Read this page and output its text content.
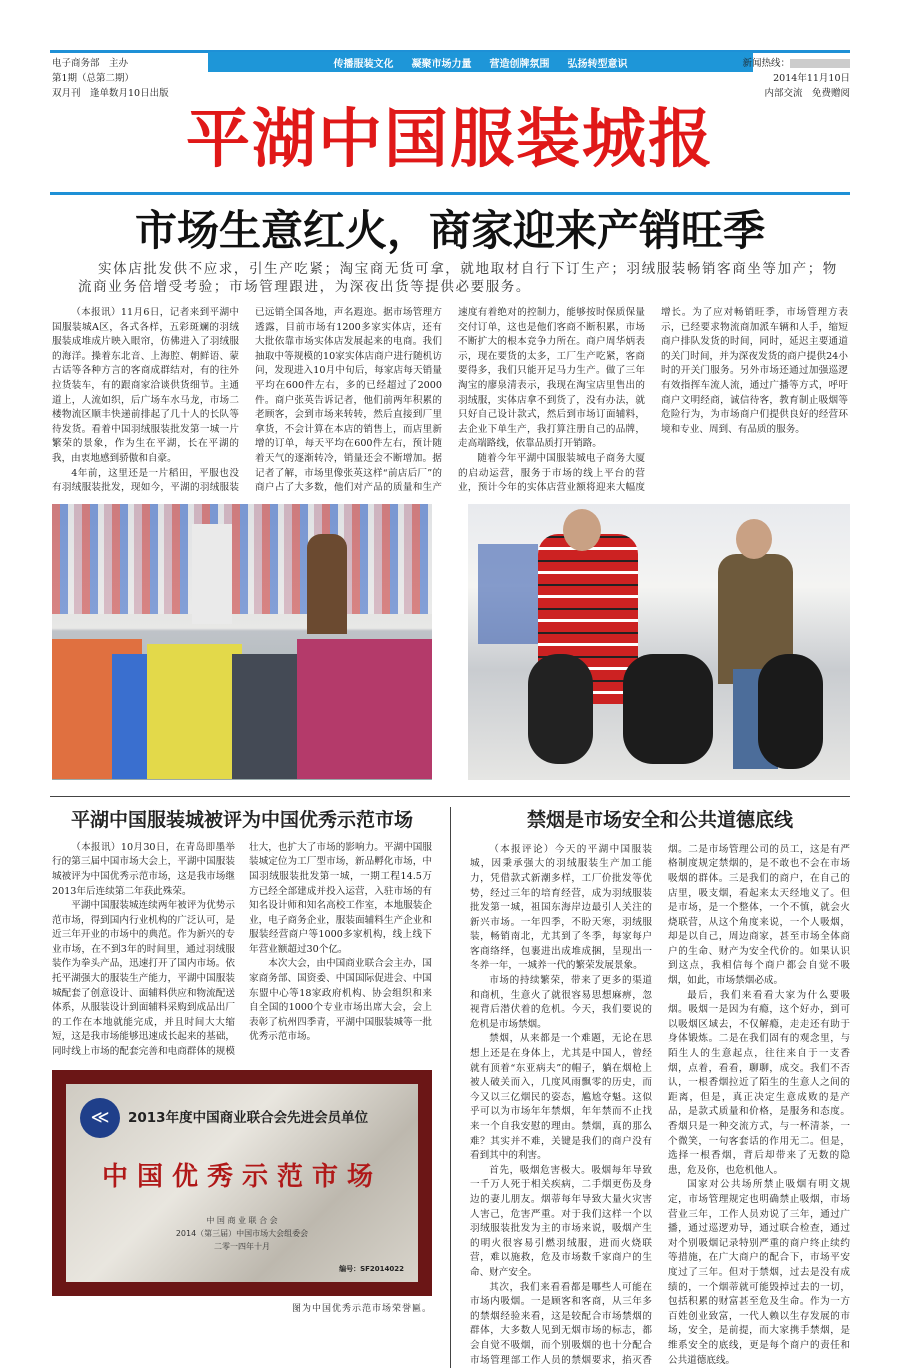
传播服装文化 凝聚市场力量 营造创牌氛围 弘扬转型意识
电子商务部　主办
第1期（总第二期）
双月刊　逢单数月10日出版
新闻热线：
2014年11月10日
内部交流　免费赠阅
平湖中国服装城报
市场生意红火，商家迎来产销旺季
实体店批发供不应求，引生产吃紧；淘宝商无货可拿，就地取材自行下订生产；羽绒服装畅销客商坐等加产；物流商业务倍增受考验；市场管理跟进，为深夜出货等提供必要服务。

（本报讯）11月6日，记者来到平湖中国服装城A区，各式各样，五彩斑斓的羽绒服装成堆成片映入眼帘，仿佛进入了羽绒服的海洋。操着东北音、上海腔、朝鲜语、蒙古话等各种方言的客商成群结对，有的往外拉货装车，有的跟商家洽谈供货细节。主通道上，人流如织，后广场车水马龙，市场二楼物流区顺丰快递前排起了几十人的长队等待发货。看着中国羽绒服装批发第一城一片繁荣的景象，作为生在平湖，长在平湖的我，由衷地感到骄傲和自豪。

4年前，这里还是一片稻田，平服也没有羽绒服装批发，现如今，平湖的羽绒服装已远销全国各地，声名遐迩。据市场管理方透露，目前市场有1200多家实体店，还有大批依靠市场实体店发展起来的电商。我们抽取中等规模的10家实体店商户进行随机访问，发现进入10月中旬后，每家店每天销量平均在600件左右，多的已经超过了2000件。商户张英告诉记者，他们前两年积累的老顾客，会到市场来转转，然后直接到厂里拿货，不会计算在本店的销售上，而店里新增的订单，每天平均在600件左右，预计随着天气的逐渐转冷，销量还会不断增加。据记者了解，市场里像张英这样“前店后厂”的商户占了大多数，他们对产品的质量和生产速度有着绝对的控制力，能够按时保质保量交付订单，这也是他们客商不断积累，市场不断扩大的根本竞争力所在。商户周华炳表示，现在要货的太多，工厂生产吃紧，客商要得多，我们只能开足马力生产。做了三年淘宝的廖泉清表示，我现在淘宝店里售出的羽绒服，实体店拿不到货了，没有办法，就只好自己设计款式，然后到市场订面辅料，去企业下单生产，我打算注册自己的品牌，走高端路线，依靠品质打开销路。

随着今年平湖中国服装城电子商务大厦的启动运营，服务于市场的线上平台的营业，预计今年的实体店营业额将迎来大幅度增长。为了应对畅销旺季，市场管理方表示，已经要求物流商加派车辆和人手，缩短商户排队发货的时间，同时，延迟主要通道的关门时间，并为深夜发货的商户提供24小时的开关门服务。另外市场还通过加强巡逻有效指挥车流人流，通过广播等方式，呼吁商户文明经商，诚信待客，教育制止吸烟等危险行为，为市场商户们提供良好的经营环境和专业、周到、有品质的服务。

平湖中国服装城被评为中国优秀示范市场

（本报讯）10月30日，在青岛即墨举行的第三届中国市场大会上，平湖中国服装城被评为中国优秀示范市场，这是我市场继2013年后连续第二年获此殊荣。

平湖中国服装城连续两年被评为优势示范市场，得到国内行业机构的广泛认可，是近三年开业的市场中的典范。作为新兴的专业市场，在不到3年的时间里，通过羽绒服装作为拳头产品，迅速打开了国内市场。依托平湖强大的服装生产能力，平湖中国服装城配套了创意设计、面辅料供应和物流配送体系，从服装设计到面辅料采购到成品出厂的工作在本地就能完成，并且时间大大缩短，这是我市场能够迅速成长起来的基础，同时线上市场的配套完善和电商群体的规模壮大，也扩大了市场的影响力。平湖中国服装城定位为工厂型市场，新品孵化市场，中国羽绒服装批发第一城，一期工程14.5万方已经全部建成并投入运营，入驻市场的有知名设计师和知名高校工作室，本地服装企业，电子商务企业，服装面辅料生产企业和服装经营商户等1000多家机构，线上线下年营业额超过30个亿。

本次大会，由中国商业联合会主办，国家商务部、国资委、中国国际促进会、中国东盟中心等18家政府机构、协会组织和来自全国的1000个专业市场出席大会，会上表彰了杭州四季青，平湖中国服装城等一批优秀示范市场。

≪	2013年度中国商业联合会先进会员单位
中国优秀示范市场
中 国 商 业 联 合 会
2014（第三届）中国市场大会组委会
二零一四年十月
编号：SF2014022
图为中国优秀示范市场荣誉匾。
禁烟是市场安全和公共道德底线

（本报评论）今天的平湖中国服装城，因秉承强大的羽绒服装生产加工能力，凭借款式新潮多样，工厂价批发等优势，经过三年的培育经营，成为羽绒服装批发第一城，祖国东海岸边最引人关注的新兴市场。一年四季，不盼天寒，羽绒服装，畅销南北，尤其到了冬季，每家每户客商络绎，包裹进出成堆成捆，呈现出一冬养一年，一城养一代的繁荣发展景象。

市场的持续繁荣，带来了更多的渠道和商机，生意火了就很容易思想麻痹，忽视背后潜伏着的危机。今天，我们要说的危机是市场禁烟。

禁烟，从来都是一个难题，无论在思想上还是在身体上，尤其是中国人，曾经就有顶着“东亚病夫”的帽子，躺在烟枪上被人破关而入，几度风雨飘零的历史，而今又以三亿烟民的姿态，尴尬夺魁。这似乎可以为市场年年禁烟，年年禁而不止找来一个自我安慰的理由。禁烟，真的那么难？其实并不难，关键是我们的商户没有看到其中的利害。

首先，吸烟危害极大。吸烟每年导致一千万人死于相关疾病，二手烟更伤及身边的妻儿朋友。烟蒂每年导致大量火灾害人害己，危害严重。对于我们这样一个以羽绒服装批发为主的市场来说，吸烟产生的明火很容易引燃羽绒服，进而火烧联营，难以施救，危及市场数千家商户的生命、财产安全。

其次，我们来看看都是哪些人可能在市场内吸烟。一是顾客和客商，从三年多的禁烟经验来看，这是较配合市场禁烟的群体，大多数人见到无烟市场的标志，都会自觉不吸烟，而个别吸烟的也十分配合市场管理部工作人员的禁烟要求，掐灭香烟。二是市场管理公司的员工，这是有严格制度规定禁烟的，是不敢也不会在市场吸烟的群体。三是我们的商户，在自己的店里，吸支烟，看起来太天经地义了。但是市场，是一个整体，一个不慎，就会火烧联营，从这个角度来说，一个人吸烟，却是以自己，周边商家，甚至市场全体商户的生命、财产为安全代价的。如果认识到这点，我相信每个商户都会自觉不吸烟，如此，市场禁烟必成。

最后，我们来看看大家为什么要吸烟。吸烟一是因为有瘾，这个好办，到可以吸烟区域去，不仅解瘾，走走还有助于身体锻炼。二是在我们固有的观念里，与陌生人的生意起点，往往来自于一支香烟，点着，看看，聊聊，成交。我们不否认，一根香烟拉近了陌生的生意人之间的距离，但是，真正决定生意成败的是产品，是款式质量和价格，是服务和态度。香烟只是一种交流方式，与一杯清茶，一个微笑，一句客套话的作用无二。但是，选择一根香烟，背后却带来了无数的隐患，危及你，也危机他人。

国家对公共场所禁止吸烟有明文规定，市场管理规定也明确禁止吸烟，市场营业三年，工作人员劝说了三年，通过广播，通过巡逻劝导，通过联合检查，通过对个别吸烟记录特别严重的商户终止续约等措施，在广大商户的配合下，市场平安度过了三年。但对于禁烟，过去是没有成绩的，一个烟蒂就可能毁掉过去的一切，包括积累的财富甚至危及生命。作为一方百姓创业致富，一代人赖以生存发展的市场，安全，是前提，而大家携手禁烟，是维系安全的底线，更是每个商户的责任和公共道德底线。
